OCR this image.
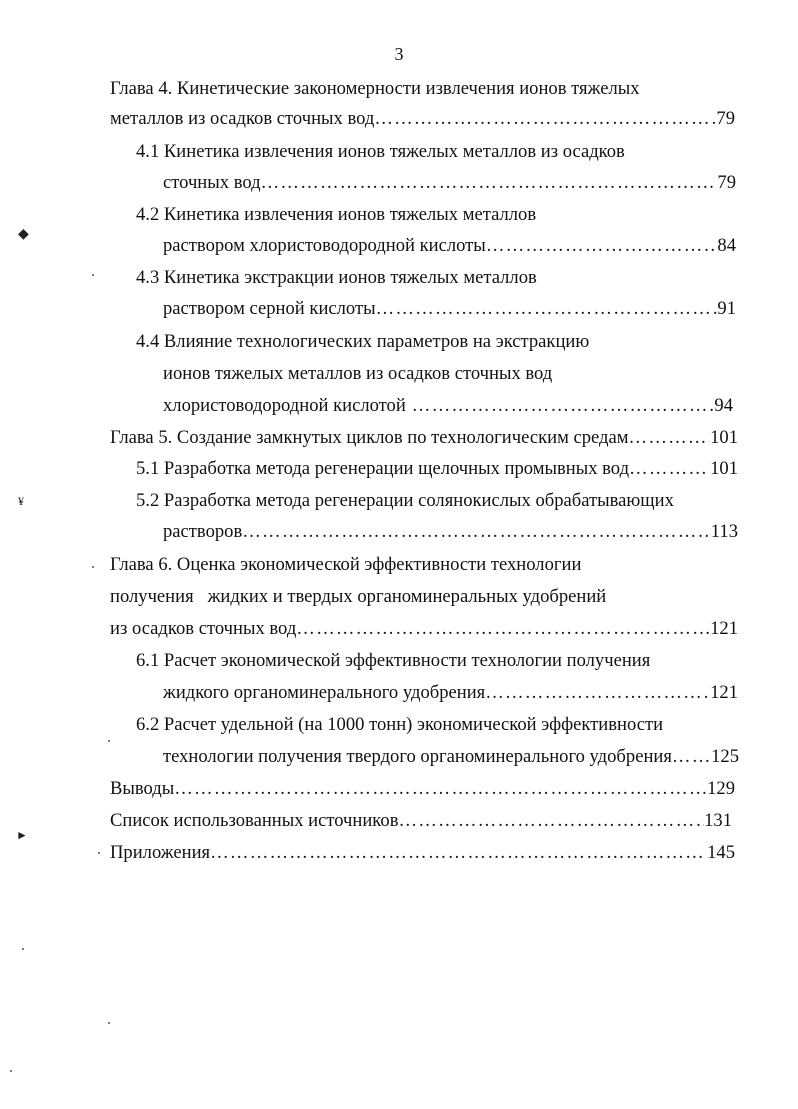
3
Глава 4. Кинетические закономерности извлечения ионов тяжелых
металлов из осадков сточных вод ………………………………………………………………………………………………………………………………………………………………………………	79
4.1 Кинетика извлечения ионов тяжелых металлов из осадков
сточных вод ………………………………………………………………………………………………………………………………………………………………………………	79
4.2 Кинетика извлечения ионов тяжелых металлов
раствором хлористоводородной кислоты ………………………………………………………………………………………………………………………………………………………………………………	84
4.3 Кинетика экстракции ионов тяжелых металлов
раствором серной кислоты ………………………………………………………………………………………………………………………………………………………………………………	91
4.4 Влияние технологических параметров на экстракцию
ионов тяжелых металлов из осадков сточных вод
хлористоводородной кислотой ………………………………………………………………………………………………………………………………………………………………………………	94
Глава 5. Создание замкнутых циклов по технологическим средам ………………………………………………………………………………………………………………………………………………………………………………	101
5.1 Разработка метода регенерации щелочных промывных вод ………………………………………………………………………………………………………………………………………………………………………………	101
5.2 Разработка метода регенерации солянокислых обрабатывающих
растворов ………………………………………………………………………………………………………………………………………………………………………………	113
Глава 6. Оценка экономической эффективности технологии
получения   жидких и твердых органоминеральных удобрений
из осадков сточных вод ………………………………………………………………………………………………………………………………………………………………………………	121
6.1 Расчет экономической эффективности технологии получения
жидкого органоминерального удобрения ………………………………………………………………………………………………………………………………………………………………………………	121
6.2 Расчет удельной (на 1000 тонн) экономической эффективности
технологии получения твердого органоминерального удобрения ……………………………………………………………………………………………………………………………………………………………………………… 125
Выводы ………………………………………………………………………………………………………………………………………………………………………………	129
Список использованных источников ………………………………………………………………………………………………………………………………………………………………………………	131
Приложения ………………………………………………………………………………………………………………………………………………………………………………	145
◆
¥
►
